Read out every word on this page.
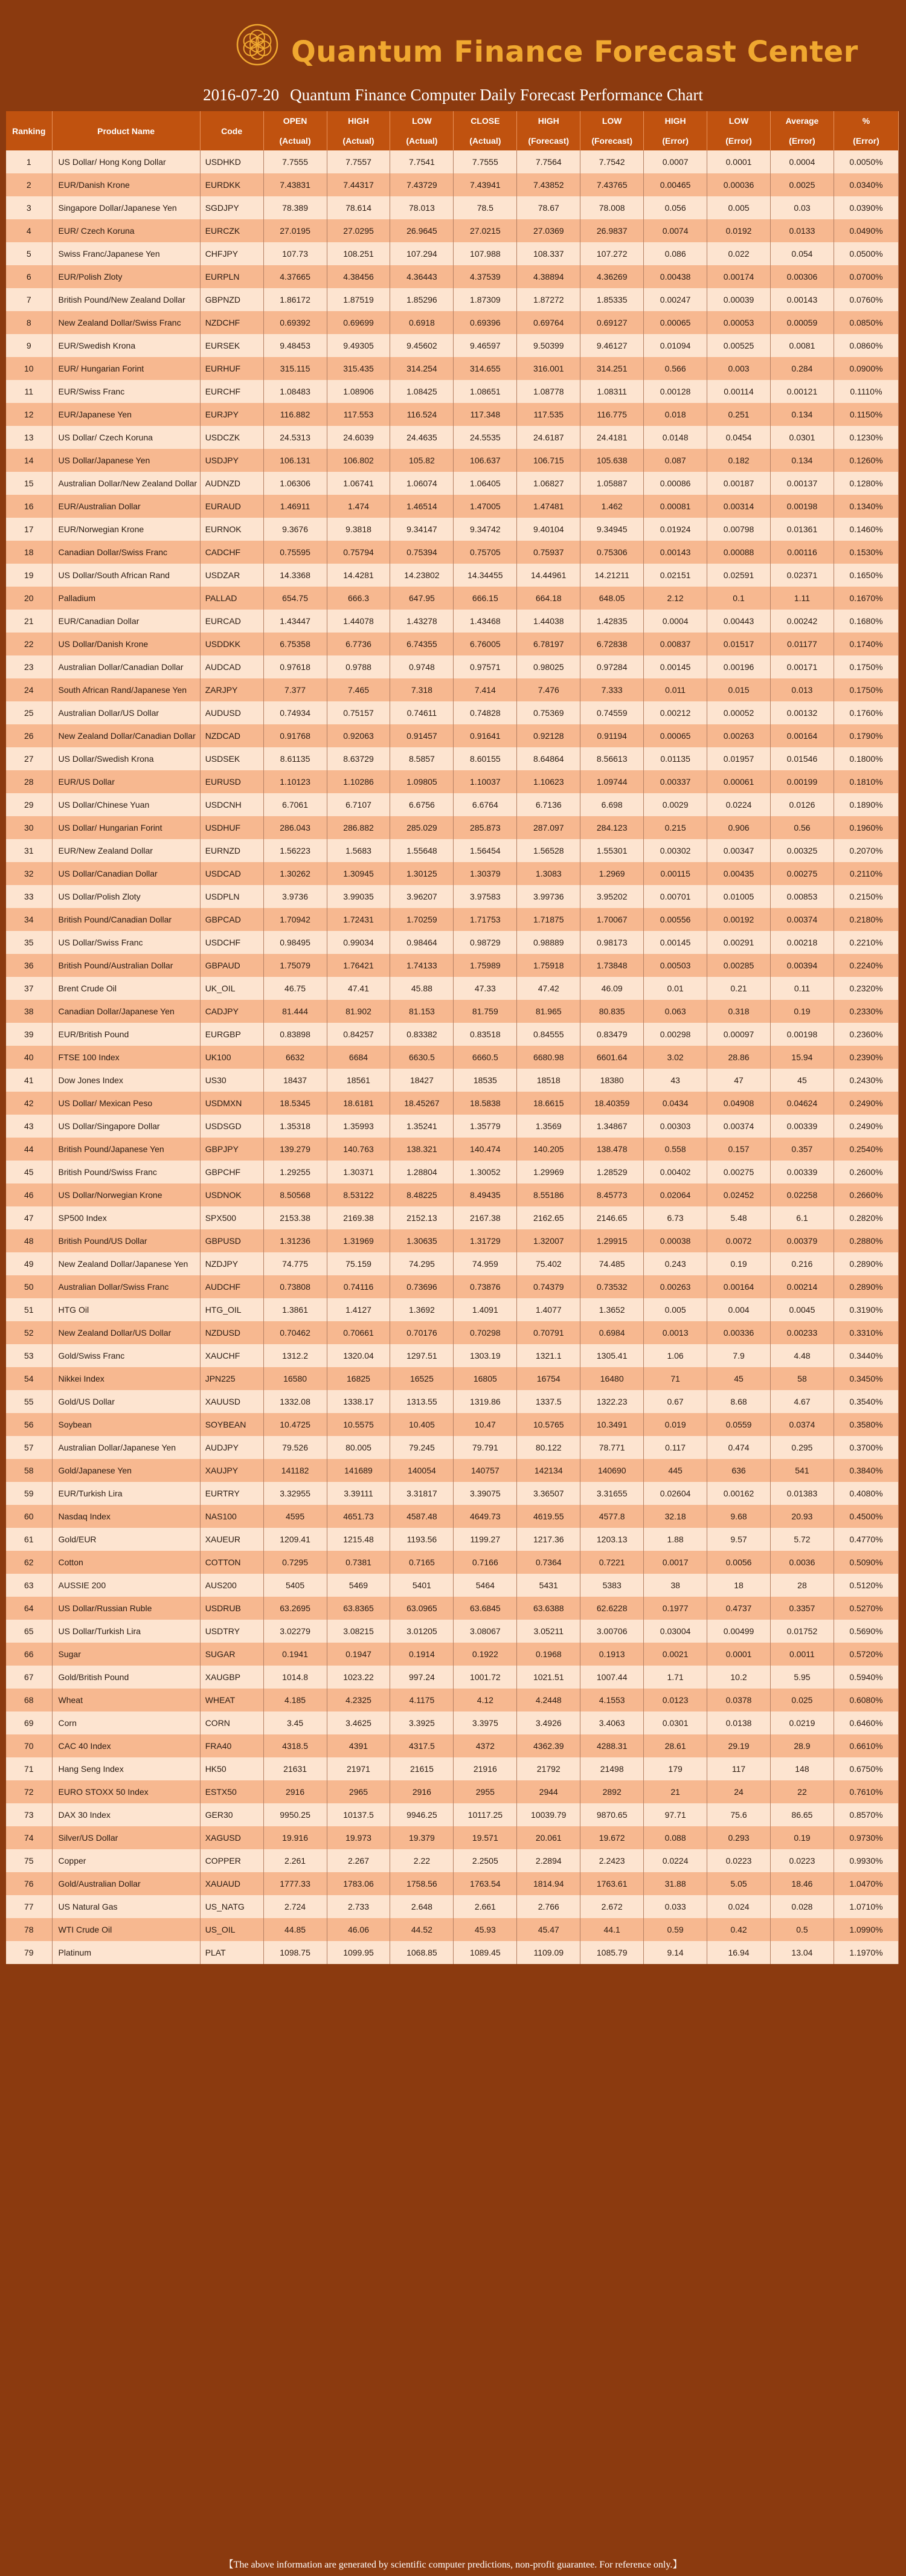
Quantum Finance Forecast Center
2016-07-20 Quantum Finance Computer Daily Forecast Performance Chart
Ranking	Product Name	Code	OPEN	HIGH	LOW	CLOSE	HIGH	LOW	HIGH	LOW	Average	%
			(Actual)	(Actual)	(Actual)	(Actual)	(Forecast)	(Forecast)	(Error)	(Error)	(Error)	(Error)
1	US Dollar/ Hong Kong Dollar	USDHKD	7.7555	7.7557	7.7541	7.7555	7.7564	7.7542	0.0007	0.0001	0.0004	0.0050%
2	EUR/Danish Krone	EURDKK	7.43831	7.44317	7.43729	7.43941	7.43852	7.43765	0.00465	0.00036	0.0025	0.0340%
3	Singapore Dollar/Japanese Yen	SGDJPY	78.389	78.614	78.013	78.5	78.67	78.008	0.056	0.005	0.03	0.0390%
4	EUR/ Czech Koruna	EURCZK	27.0195	27.0295	26.9645	27.0215	27.0369	26.9837	0.0074	0.0192	0.0133	0.0490%
5	Swiss Franc/Japanese Yen	CHFJPY	107.73	108.251	107.294	107.988	108.337	107.272	0.086	0.022	0.054	0.0500%
6	EUR/Polish Zloty	EURPLN	4.37665	4.38456	4.36443	4.37539	4.38894	4.36269	0.00438	0.00174	0.00306	0.0700%
7	British Pound/New Zealand Dollar	GBPNZD	1.86172	1.87519	1.85296	1.87309	1.87272	1.85335	0.00247	0.00039	0.00143	0.0760%
8	New Zealand Dollar/Swiss Franc	NZDCHF	0.69392	0.69699	0.6918	0.69396	0.69764	0.69127	0.00065	0.00053	0.00059	0.0850%
9	EUR/Swedish Krona	EURSEK	9.48453	9.49305	9.45602	9.46597	9.50399	9.46127	0.01094	0.00525	0.0081	0.0860%
10	EUR/ Hungarian Forint	EURHUF	315.115	315.435	314.254	314.655	316.001	314.251	0.566	0.003	0.284	0.0900%
11	EUR/Swiss Franc	EURCHF	1.08483	1.08906	1.08425	1.08651	1.08778	1.08311	0.00128	0.00114	0.00121	0.1110%
12	EUR/Japanese Yen	EURJPY	116.882	117.553	116.524	117.348	117.535	116.775	0.018	0.251	0.134	0.1150%
13	US Dollar/ Czech Koruna	USDCZK	24.5313	24.6039	24.4635	24.5535	24.6187	24.4181	0.0148	0.0454	0.0301	0.1230%
14	US Dollar/Japanese Yen	USDJPY	106.131	106.802	105.82	106.637	106.715	105.638	0.087	0.182	0.134	0.1260%
15	Australian Dollar/New Zealand Dollar	AUDNZD	1.06306	1.06741	1.06074	1.06405	1.06827	1.05887	0.00086	0.00187	0.00137	0.1280%
16	EUR/Australian Dollar	EURAUD	1.46911	1.474	1.46514	1.47005	1.47481	1.462	0.00081	0.00314	0.00198	0.1340%
17	EUR/Norwegian Krone	EURNOK	9.3676	9.3818	9.34147	9.34742	9.40104	9.34945	0.01924	0.00798	0.01361	0.1460%
18	Canadian Dollar/Swiss Franc	CADCHF	0.75595	0.75794	0.75394	0.75705	0.75937	0.75306	0.00143	0.00088	0.00116	0.1530%
19	US Dollar/South African Rand	USDZAR	14.3368	14.4281	14.23802	14.34455	14.44961	14.21211	0.02151	0.02591	0.02371	0.1650%
20	Palladium	PALLAD	654.75	666.3	647.95	666.15	664.18	648.05	2.12	0.1	1.11	0.1670%
21	EUR/Canadian Dollar	EURCAD	1.43447	1.44078	1.43278	1.43468	1.44038	1.42835	0.0004	0.00443	0.00242	0.1680%
22	US Dollar/Danish Krone	USDDKK	6.75358	6.7736	6.74355	6.76005	6.78197	6.72838	0.00837	0.01517	0.01177	0.1740%
23	Australian Dollar/Canadian Dollar	AUDCAD	0.97618	0.9788	0.9748	0.97571	0.98025	0.97284	0.00145	0.00196	0.00171	0.1750%
24	South African Rand/Japanese Yen	ZARJPY	7.377	7.465	7.318	7.414	7.476	7.333	0.011	0.015	0.013	0.1750%
25	Australian Dollar/US Dollar	AUDUSD	0.74934	0.75157	0.74611	0.74828	0.75369	0.74559	0.00212	0.00052	0.00132	0.1760%
26	New Zealand Dollar/Canadian Dollar	NZDCAD	0.91768	0.92063	0.91457	0.91641	0.92128	0.91194	0.00065	0.00263	0.00164	0.1790%
27	US Dollar/Swedish Krona	USDSEK	8.61135	8.63729	8.5857	8.60155	8.64864	8.56613	0.01135	0.01957	0.01546	0.1800%
28	EUR/US Dollar	EURUSD	1.10123	1.10286	1.09805	1.10037	1.10623	1.09744	0.00337	0.00061	0.00199	0.1810%
29	US Dollar/Chinese Yuan	USDCNH	6.7061	6.7107	6.6756	6.6764	6.7136	6.698	0.0029	0.0224	0.0126	0.1890%
30	US Dollar/ Hungarian Forint	USDHUF	286.043	286.882	285.029	285.873	287.097	284.123	0.215	0.906	0.56	0.1960%
31	EUR/New Zealand Dollar	EURNZD	1.56223	1.5683	1.55648	1.56454	1.56528	1.55301	0.00302	0.00347	0.00325	0.2070%
32	US Dollar/Canadian Dollar	USDCAD	1.30262	1.30945	1.30125	1.30379	1.3083	1.2969	0.00115	0.00435	0.00275	0.2110%
33	US Dollar/Polish Zloty	USDPLN	3.9736	3.99035	3.96207	3.97583	3.99736	3.95202	0.00701	0.01005	0.00853	0.2150%
34	British Pound/Canadian Dollar	GBPCAD	1.70942	1.72431	1.70259	1.71753	1.71875	1.70067	0.00556	0.00192	0.00374	0.2180%
35	US Dollar/Swiss Franc	USDCHF	0.98495	0.99034	0.98464	0.98729	0.98889	0.98173	0.00145	0.00291	0.00218	0.2210%
36	British Pound/Australian Dollar	GBPAUD	1.75079	1.76421	1.74133	1.75989	1.75918	1.73848	0.00503	0.00285	0.00394	0.2240%
37	Brent Crude Oil	UK_OIL	46.75	47.41	45.88	47.33	47.42	46.09	0.01	0.21	0.11	0.2320%
38	Canadian Dollar/Japanese Yen	CADJPY	81.444	81.902	81.153	81.759	81.965	80.835	0.063	0.318	0.19	0.2330%
39	EUR/British Pound	EURGBP	0.83898	0.84257	0.83382	0.83518	0.84555	0.83479	0.00298	0.00097	0.00198	0.2360%
40	FTSE 100 Index	UK100	6632	6684	6630.5	6660.5	6680.98	6601.64	3.02	28.86	15.94	0.2390%
41	Dow Jones Index	US30	18437	18561	18427	18535	18518	18380	43	47	45	0.2430%
42	US Dollar/ Mexican Peso	USDMXN	18.5345	18.6181	18.45267	18.5838	18.6615	18.40359	0.0434	0.04908	0.04624	0.2490%
43	US Dollar/Singapore Dollar	USDSGD	1.35318	1.35993	1.35241	1.35779	1.3569	1.34867	0.00303	0.00374	0.00339	0.2490%
44	British Pound/Japanese Yen	GBPJPY	139.279	140.763	138.321	140.474	140.205	138.478	0.558	0.157	0.357	0.2540%
45	British Pound/Swiss Franc	GBPCHF	1.29255	1.30371	1.28804	1.30052	1.29969	1.28529	0.00402	0.00275	0.00339	0.2600%
46	US Dollar/Norwegian Krone	USDNOK	8.50568	8.53122	8.48225	8.49435	8.55186	8.45773	0.02064	0.02452	0.02258	0.2660%
47	SP500 Index	SPX500	2153.38	2169.38	2152.13	2167.38	2162.65	2146.65	6.73	5.48	6.1	0.2820%
48	British Pound/US Dollar	GBPUSD	1.31236	1.31969	1.30635	1.31729	1.32007	1.29915	0.00038	0.0072	0.00379	0.2880%
49	New Zealand Dollar/Japanese Yen	NZDJPY	74.775	75.159	74.295	74.959	75.402	74.485	0.243	0.19	0.216	0.2890%
50	Australian Dollar/Swiss Franc	AUDCHF	0.73808	0.74116	0.73696	0.73876	0.74379	0.73532	0.00263	0.00164	0.00214	0.2890%
51	HTG Oil	HTG_OIL	1.3861	1.4127	1.3692	1.4091	1.4077	1.3652	0.005	0.004	0.0045	0.3190%
52	New Zealand Dollar/US Dollar	NZDUSD	0.70462	0.70661	0.70176	0.70298	0.70791	0.6984	0.0013	0.00336	0.00233	0.3310%
53	Gold/Swiss Franc	XAUCHF	1312.2	1320.04	1297.51	1303.19	1321.1	1305.41	1.06	7.9	4.48	0.3440%
54	Nikkei Index	JPN225	16580	16825	16525	16805	16754	16480	71	45	58	0.3450%
55	Gold/US Dollar	XAUUSD	1332.08	1338.17	1313.55	1319.86	1337.5	1322.23	0.67	8.68	4.67	0.3540%
56	Soybean	SOYBEAN	10.4725	10.5575	10.405	10.47	10.5765	10.3491	0.019	0.0559	0.0374	0.3580%
57	Australian Dollar/Japanese Yen	AUDJPY	79.526	80.005	79.245	79.791	80.122	78.771	0.117	0.474	0.295	0.3700%
58	Gold/Japanese Yen	XAUJPY	141182	141689	140054	140757	142134	140690	445	636	541	0.3840%
59	EUR/Turkish Lira	EURTRY	3.32955	3.39111	3.31817	3.39075	3.36507	3.31655	0.02604	0.00162	0.01383	0.4080%
60	Nasdaq Index	NAS100	4595	4651.73	4587.48	4649.73	4619.55	4577.8	32.18	9.68	20.93	0.4500%
61	Gold/EUR	XAUEUR	1209.41	1215.48	1193.56	1199.27	1217.36	1203.13	1.88	9.57	5.72	0.4770%
62	Cotton	COTTON	0.7295	0.7381	0.7165	0.7166	0.7364	0.7221	0.0017	0.0056	0.0036	0.5090%
63	AUSSIE 200	AUS200	5405	5469	5401	5464	5431	5383	38	18	28	0.5120%
64	US Dollar/Russian Ruble	USDRUB	63.2695	63.8365	63.0965	63.6845	63.6388	62.6228	0.1977	0.4737	0.3357	0.5270%
65	US Dollar/Turkish Lira	USDTRY	3.02279	3.08215	3.01205	3.08067	3.05211	3.00706	0.03004	0.00499	0.01752	0.5690%
66	Sugar	SUGAR	0.1941	0.1947	0.1914	0.1922	0.1968	0.1913	0.0021	0.0001	0.0011	0.5720%
67	Gold/British Pound	XAUGBP	1014.8	1023.22	997.24	1001.72	1021.51	1007.44	1.71	10.2	5.95	0.5940%
68	Wheat	WHEAT	4.185	4.2325	4.1175	4.12	4.2448	4.1553	0.0123	0.0378	0.025	0.6080%
69	Corn	CORN	3.45	3.4625	3.3925	3.3975	3.4926	3.4063	0.0301	0.0138	0.0219	0.6460%
70	CAC 40 Index	FRA40	4318.5	4391	4317.5	4372	4362.39	4288.31	28.61	29.19	28.9	0.6610%
71	Hang Seng Index	HK50	21631	21971	21615	21916	21792	21498	179	117	148	0.6750%
72	EURO STOXX 50 Index	ESTX50	2916	2965	2916	2955	2944	2892	21	24	22	0.7610%
73	DAX 30 Index	GER30	9950.25	10137.5	9946.25	10117.25	10039.79	9870.65	97.71	75.6	86.65	0.8570%
74	Silver/US Dollar	XAGUSD	19.916	19.973	19.379	19.571	20.061	19.672	0.088	0.293	0.19	0.9730%
75	Copper	COPPER	2.261	2.267	2.22	2.2505	2.2894	2.2423	0.0224	0.0223	0.0223	0.9930%
76	Gold/Australian Dollar	XAUAUD	1777.33	1783.06	1758.56	1763.54	1814.94	1763.61	31.88	5.05	18.46	1.0470%
77	US Natural Gas	US_NATG	2.724	2.733	2.648	2.661	2.766	2.672	0.033	0.024	0.028	1.0710%
78	WTI Crude Oil	US_OIL	44.85	46.06	44.52	45.93	45.47	44.1	0.59	0.42	0.5	1.0990%
79	Platinum	PLAT	1098.75	1099.95	1068.85	1089.45	1109.09	1085.79	9.14	16.94	13.04	1.1970%
【The above information are generated by scientific computer predictions, non-profit guarantee. For reference only.】
